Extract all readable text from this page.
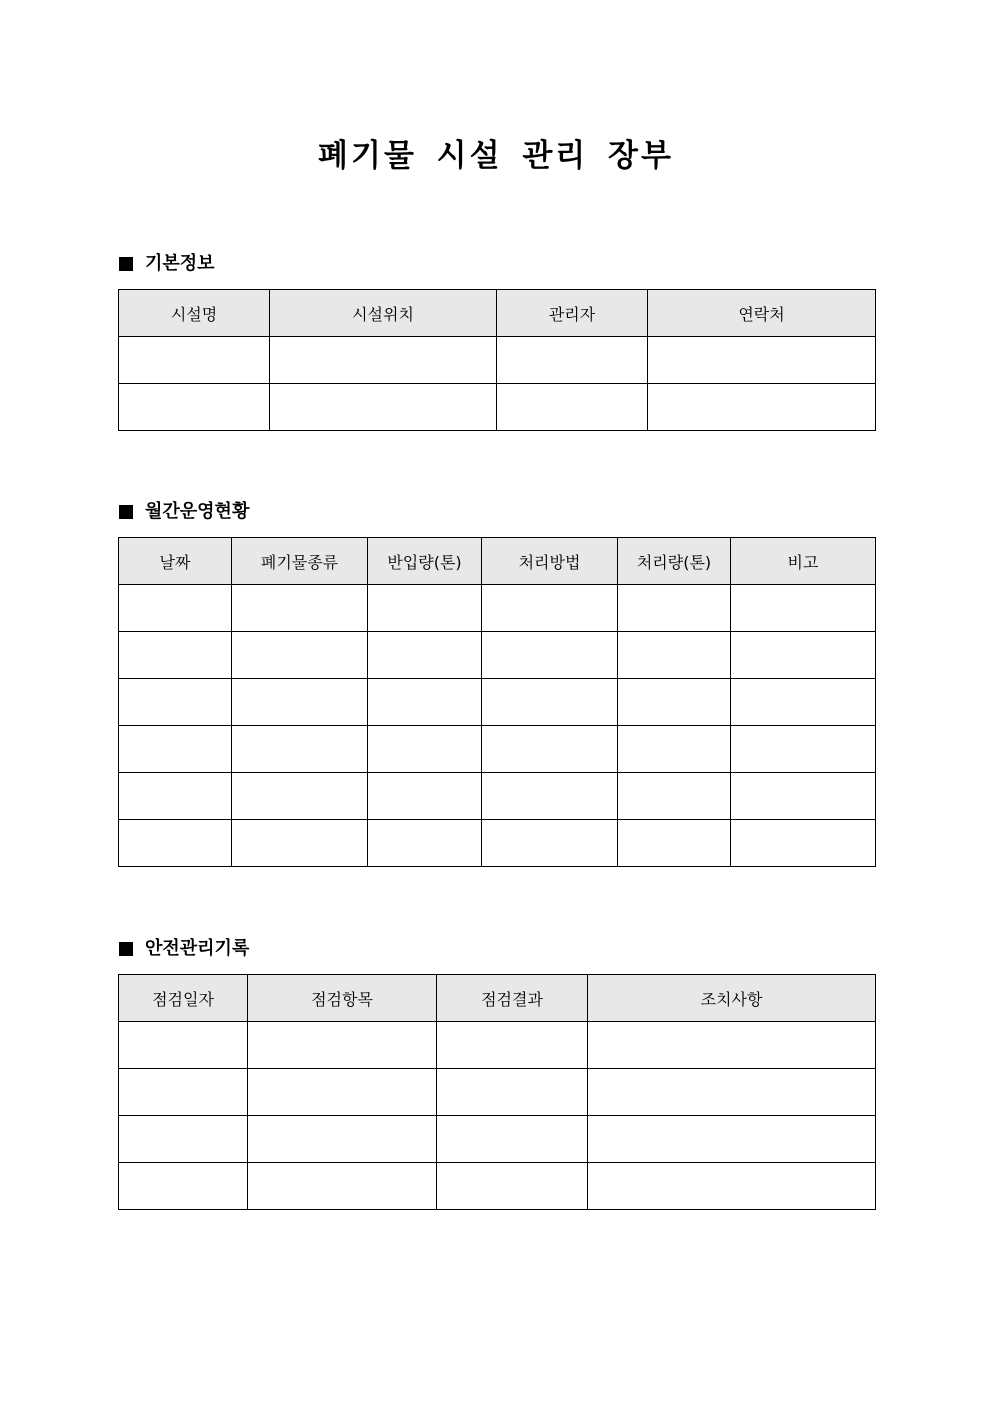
폐기물 시설 관리 장부
기본정보
시설명	시설위치	관리자	연락처

월간운영현황
날짜	폐기물종류	반입량(톤)	처리방법	처리량(톤)	비고

안전관리기록
점검일자	점검항목	점검결과	조치사항
